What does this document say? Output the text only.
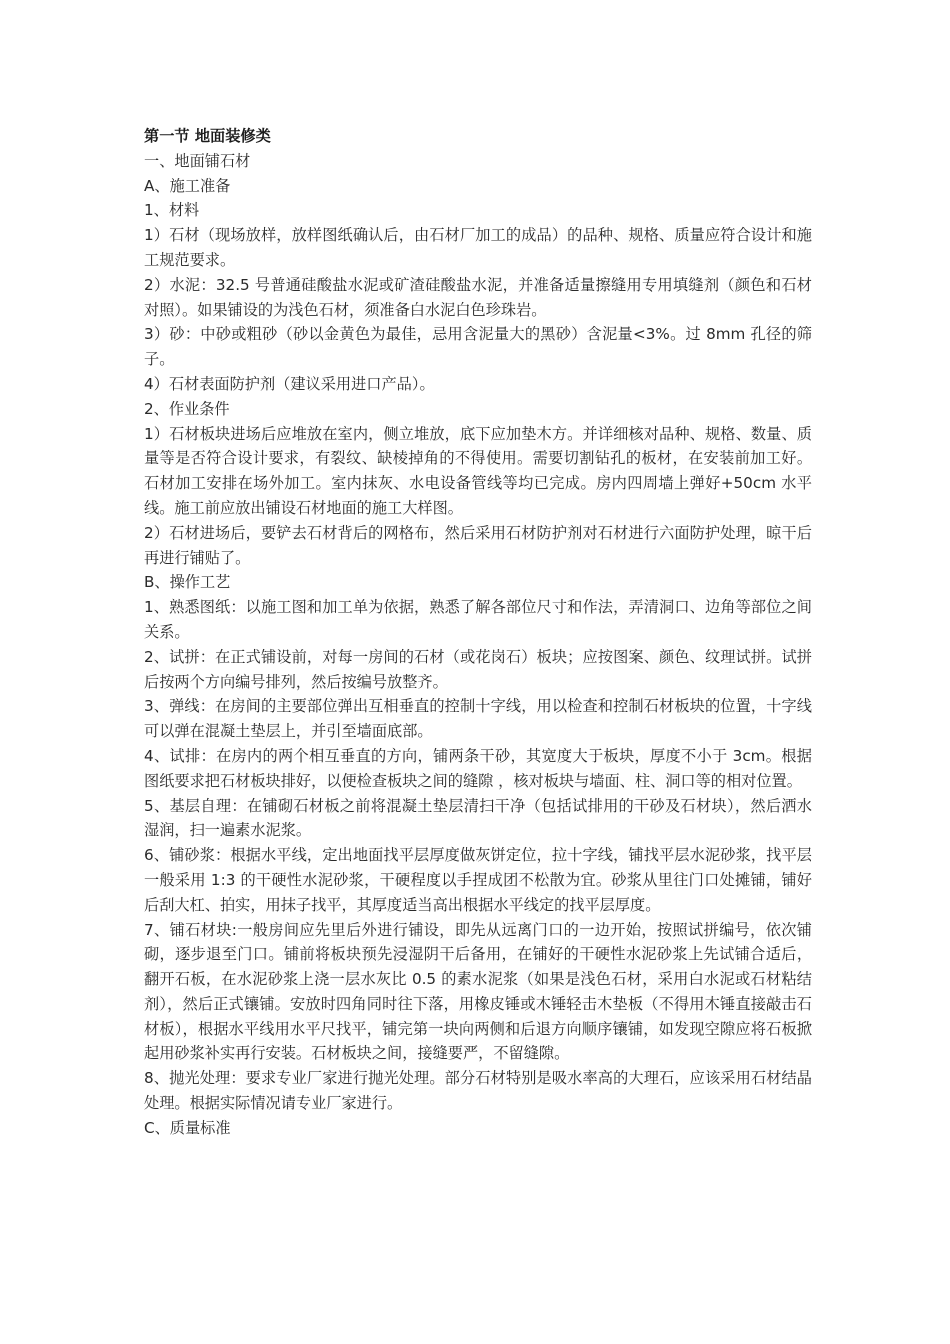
第一节 地面装修类

一、地面铺石材

A、施工准备

1、材料

1）石材（现场放样，放样图纸确认后，由石材厂加工的成品）的品种、规格、质量应符合设计和施工规范要求。

2）水泥：32.5 号普通硅酸盐水泥或矿渣硅酸盐水泥，并准备适量擦缝用专用填缝剂（颜色和石材对照）。如果铺设的为浅色石材，须准备白水泥白色珍珠岩。

3）砂：中砂或粗砂（砂以金黄色为最佳，忌用含泥量大的黑砂）含泥量<3%。过 8mm 孔径的筛子。

4）石材表面防护剂（建议采用进口产品）。

2、作业条件

1）石材板块进场后应堆放在室内，侧立堆放，底下应加垫木方。并详细核对品种、规格、数量、质量等是否符合设计要求，有裂纹、缺棱掉角的不得使用。需要切割钻孔的板材，在安装前加工好。石材加工安排在场外加工。室内抹灰、水电设备管线等均已完成。房内四周墙上弹好+50cm 水平线。施工前应放出铺设石材地面的施工大样图。

2）石材进场后，要铲去石材背后的网格布，然后采用石材防护剂对石材进行六面防护处理，晾干后再进行铺贴了。

B、操作工艺

1、熟悉图纸：以施工图和加工单为依据，熟悉了解各部位尺寸和作法，弄清洞口、边角等部位之间关系。

2、试拼：在正式铺设前，对每一房间的石材（或花岗石）板块；应按图案、颜色、纹理试拼。试拼后按两个方向编号排列，然后按编号放整齐。

3、弹线：在房间的主要部位弹出互相垂直的控制十字线，用以检查和控制石材板块的位置，十字线可以弹在混凝土垫层上，并引至墙面底部。

4、试排：在房内的两个相互垂直的方向，铺两条干砂，其宽度大于板块，厚度不小于 3cm。根据图纸要求把石材板块排好，以便检查板块之间的缝隙 ，核对板块与墙面、柱、洞口等的相对位置。

5、基层自理：在铺砌石材板之前将混凝土垫层清扫干净（包括试排用的干砂及石材块），然后洒水湿润，扫一遍素水泥浆。

6、铺砂浆：根据水平线，定出地面找平层厚度做灰饼定位，拉十字线，铺找平层水泥砂浆，找平层一般采用 1:3 的干硬性水泥砂浆，干硬程度以手捏成团不松散为宜。砂浆从里往门口处摊铺，铺好后刮大杠、拍实，用抹子找平，其厚度适当高出根据水平线定的找平层厚度。

7、铺石材块:一般房间应先里后外进行铺设，即先从远离门口的一边开始，按照试拼编号，依次铺砌，逐步退至门口。铺前将板块预先浸湿阴干后备用，在铺好的干硬性水泥砂浆上先试铺合适后，翻开石板，在水泥砂浆上浇一层水灰比 0.5 的素水泥浆（如果是浅色石材，采用白水泥或石材粘结剂），然后正式镶铺。安放时四角同时往下落，用橡皮锤或木锤轻击木垫板（不得用木锤直接敲击石材板），根据水平线用水平尺找平，铺完第一块向两侧和后退方向顺序镶铺，如发现空隙应将石板掀起用砂浆补实再行安装。石材板块之间，接缝要严，不留缝隙。

8、抛光处理：要求专业厂家进行抛光处理。部分石材特别是吸水率高的大理石，应该采用石材结晶处理。根据实际情况请专业厂家进行。

C、质量标准
